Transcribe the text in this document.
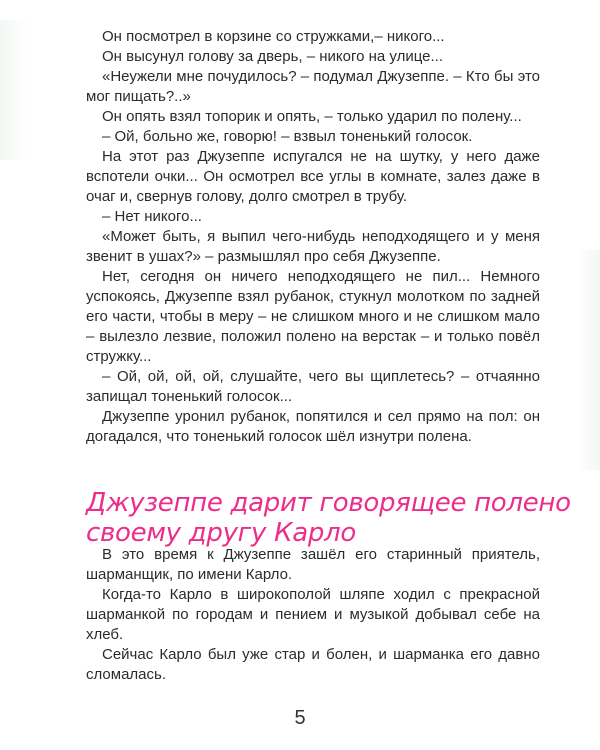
Он посмотрел в корзине со стружками,– никого...

Он высунул голову за дверь, – никого на улице...

«Неужели мне почудилось? – подумал Джузеппе. – Кто бы это мог пищать?..»

Он опять взял топорик и опять, – только ударил по полену...

– Ой, больно же, говорю! – взвыл тоненький голосок.

На этот раз Джузеппе испугался не на шутку, у него даже вспотели очки... Он осмотрел все углы в комнате, залез даже в очаг и, свернув голову, долго смотрел в трубу.

– Нет никого...

«Может быть, я выпил чего-нибудь неподходящего и у меня звенит в ушах?» – размышлял про себя Джузеппе.

Нет, сегодня он ничего неподходящего не пил... Немного успокоясь, Джузеппе взял рубанок, стукнул молотком по задней его части, чтобы в меру – не слишком много и не слишком мало – вылезло лезвие, положил полено на верстак – и только повёл стружку...

– Ой, ой, ой, ой, слушайте, чего вы щиплетесь? – отчаянно запищал тоненький голосок...

Джузеппе уронил рубанок, попятился и сел прямо на пол: он догадался, что тоненький голосок шёл изнутри полена.

Джузеппе дарит говорящее полено
своему другу Карло

В это время к Джузеппе зашёл его старинный приятель, шарманщик, по имени Карло.

Когда-то Карло в широкополой шляпе ходил с прекрасной шарманкой по городам и пением и музыкой добывал себе на хлеб.

Сейчас Карло был уже стар и болен, и шарманка его давно сломалась.

5
